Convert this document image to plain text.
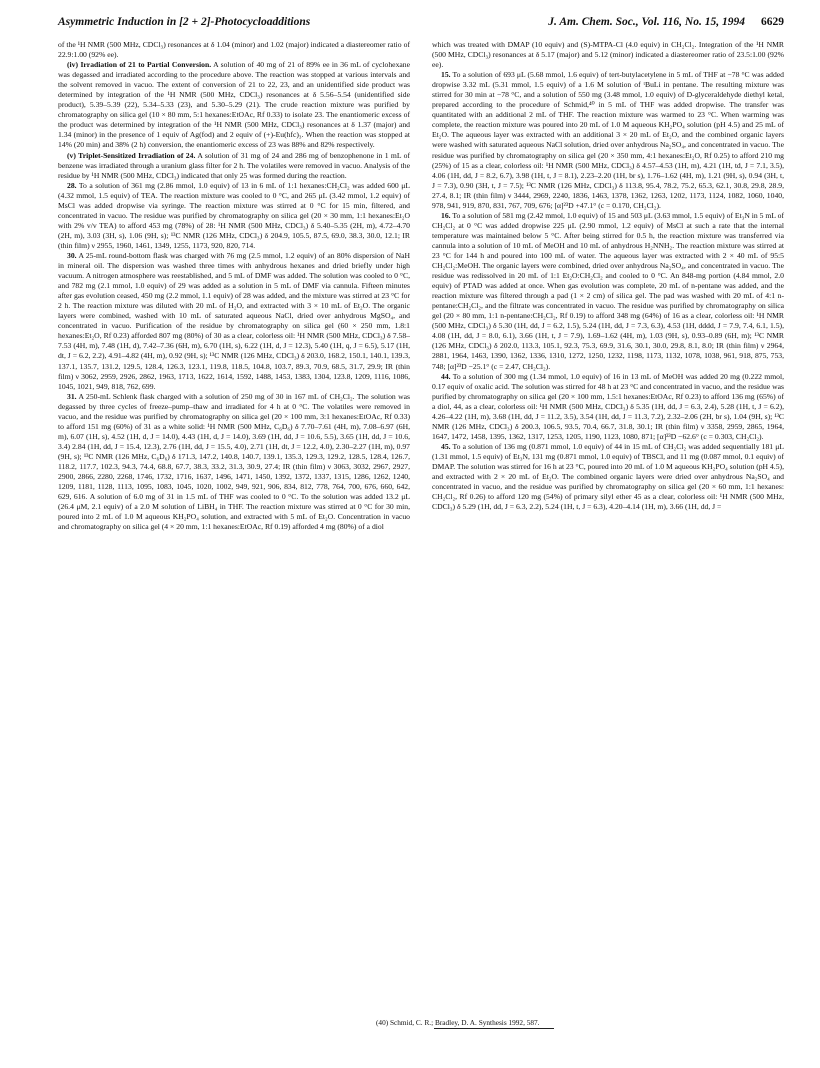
Asymmetric Induction in [2 + 2]-Photocycloadditions	J. Am. Chem. Soc., Vol. 116, No. 15, 1994 6629

of the ¹H NMR (500 MHz, CDCl₃) resonances at δ 1.04 (minor) and 1.02 (major) indicated a diastereomer ratio of 22.9:1.00 (92% ee).

(iv) Irradiation of 21 to Partial Conversion. A solution of 40 mg of 21 of 89% ee in 36 mL of cyclohexane was degassed and irradiated according to the procedure above. The reaction was stopped at various intervals and the solvent removed in vacuo. The extent of conversion of 21 to 22, 23, and an unidentified side product was determined by integration of the ¹H NMR (500 MHz, CDCl₃) resonances at δ 5.56–5.54 (unidentified side product), 5.39–5.39 (22), 5.34–5.33 (23), and 5.30–5.29 (21). The crude reaction mixture was purified by chromatography on silica gel (10 × 80 mm, 5:1 hexanes:EtOAc, Rf 0.33) to isolate 23. The enantiomeric excess of the product was determined by integration of the ¹H NMR (500 MHz, CDCl₃) resonances at δ 1.37 (major) and 1.34 (minor) in the presence of 1 equiv of Ag(fod) and 2 equiv of (+)-Eu(hfc)₃. When the reaction was stopped at 14% (20 min) and 38% (2 h) conversion, the enantiomeric excess of 23 was 88% and 82% respectively.

(v) Triplet-Sensitized Irradiation of 24. A solution of 31 mg of 24 and 286 mg of benzophenone in 1 mL of benzene was irradiated through a uranium glass filter for 2 h. The volatiles were removed in vacuo. Analysis of the residue by ¹H NMR (500 MHz, CDCl₃) indicated that only 25 was formed during the reaction.

28. To a solution of 361 mg (2.86 mmol, 1.0 equiv) of 13 in 6 mL of 1:1 hexanes:CH₂Cl₂ was added 600 μL (4.32 mmol, 1.5 equiv) of TEA. The reaction mixture was cooled to 0 °C, and 265 μL (3.42 mmol, 1.2 equiv) of MsCl was added dropwise via syringe. The reaction mixture was stirred at 0 °C for 15 min, filtered, and concentrated in vacuo. The residue was purified by chromatography on silica gel (20 × 30 mm, 1:1 hexanes:Et₂O with 2% v/v TEA) to afford 453 mg (78%) of 28: ¹H NMR (500 MHz, CDCl₃) δ 5.40–5.35 (2H, m), 4.72–4.70 (2H, m), 3.03 (3H, s), 1.06 (9H, s); ¹³C NMR (126 MHz, CDCl₃) δ 204.9, 105.5, 87.5, 69.0, 38.3, 30.0, 12.1; IR (thin film) ν 2955, 1960, 1461, 1349, 1255, 1173, 920, 820, 714.

30. A 25-mL round-bottom flask was charged with 76 mg (2.5 mmol, 1.2 equiv) of an 80% dispersion of NaH in mineral oil. The dispersion was washed three times with anhydrous hexanes and dried briefly under high vacuum. A nitrogen atmosphere was reestablished, and 5 mL of DMF was added. The solution was cooled to 0 °C, and 782 mg (2.1 mmol, 1.0 equiv) of 29 was added as a solution in 5 mL of DMF via cannula. Fifteen minutes after gas evolution ceased, 450 mg (2.2 mmol, 1.1 equiv) of 28 was added, and the mixture was stirred at 23 °C for 2 h. The reaction mixture was diluted with 20 mL of H₂O, and extracted with 3 × 10 mL of Et₂O. The organic layers were combined, washed with 10 mL of saturated aqueous NaCl, dried over anhydrous MgSO₄, and concentrated in vacuo. Purification of the residue by chromatography on silica gel (60 × 250 mm, 1.8:1 hexanes:Et₂O, Rf 0.23) afforded 807 mg (80%) of 30 as a clear, colorless oil: ¹H NMR (500 MHz, CDCl₃) δ 7.58–7.53 (4H, m), 7.48 (1H, d), 7.42–7.36 (6H, m), 6.70 (1H, s), 6.22 (1H, d, J = 12.3), 5.40 (1H, q, J = 6.5), 5.17 (1H, dt, J = 6.2, 2.2), 4.91–4.82 (4H, m), 0.92 (9H, s); ¹³C NMR (126 MHz, CDCl₃) δ 203.0, 168.2, 150.1, 140.1, 139.3, 137.1, 135.7, 131.2, 129.5, 128.4, 126.3, 123.1, 119.8, 118.5, 104.8, 103.7, 89.3, 70.9, 68.5, 31.7, 29.9; IR (thin film) ν 3062, 2959, 2926, 2862, 1963, 1713, 1622, 1614, 1592, 1488, 1453, 1383, 1304, 123.8, 1209, 1116, 1086, 1045, 1021, 949, 818, 762, 699.

31. A 250-mL Schlenk flask charged with a solution of 250 mg of 30 in 167 mL of CH₂Cl₂. The solution was degassed by three cycles of freeze–pump–thaw and irradiated for 4 h at 0 °C. The volatiles were removed in vacuo, and the residue was purified by chromatography on silica gel (20 × 100 mm, 3:1 hexanes:EtOAc, Rf 0.33) to afford 151 mg (60%) of 31 as a white solid: ¹H NMR (500 MHz, C₆D₆) δ 7.70–7.61 (4H, m), 7.08–6.97 (6H, m), 6.07 (1H, s), 4.52 (1H, d, J = 14.0), 4.43 (1H, d, J = 14.0), 3.69 (1H, dd, J = 10.6, 5.5), 3.65 (1H, dd, J = 10.6, 3.4) 2.84 (1H, dd, J = 15.4, 12.3), 2.76 (1H, dd, J = 15.5, 4.0), 2.71 (1H, dt, J = 12.2, 4.0), 2.30–2.27 (1H, m), 0.97 (9H, s); ¹³C NMR (126 MHz, C₆D₆) δ 171.3, 147.2, 140.8, 140.7, 139.1, 135.3, 129.3, 129.2, 128.5, 128.4, 126.7, 118.2, 117.7, 102.3, 94.3, 74.4, 68.8, 67.7, 38.3, 33.2, 31.3, 30.9, 27.4; IR (thin film) ν 3063, 3032, 2967, 2927, 2900, 2866, 2280, 2268, 1746, 1732, 1716, 1637, 1496, 1471, 1450, 1392, 1372, 1337, 1315, 1286, 1262, 1240, 1209, 1181, 1128, 1113, 1095, 1083, 1045, 1020, 1002, 949, 921, 906, 834, 812, 778, 764, 700, 676, 660, 642, 629, 616. A solution of 6.0 mg of 31 in 1.5 mL of THF was cooled to 0 °C. To the solution was added 13.2 μL (26.4 μM, 2.1 equiv) of a 2.0 M solution of LiBH₄ in THF. The reaction mixture was stirred at 0 °C for 30 min, poured into 2 mL of 1.0 M aqueous KH₂PO₄ solution, and extracted with 5 mL of Et₂O. Concentration in vacuo and chromatography on silica gel (4 × 20 mm, 1:1 hexanes:EtOAc, Rf 0.19) afforded 4 mg (80%) of a diol

which was treated with DMAP (10 equiv) and (S)-MTPA-Cl (4.0 equiv) in CH₂Cl₂. Integration of the ¹H NMR (500 MHz, CDCl₃) resonances at δ 5.17 (major) and 5.12 (minor) indicated a diastereomer ratio of 23.5:1.00 (92% ee).

15. To a solution of 693 μL (5.68 mmol, 1.6 equiv) of tert-butylacetylene in 5 mL of THF at −78 °C was added dropwise 3.32 mL (5.31 mmol, 1.5 equiv) of a 1.6 M solution of ᵗBuLi in pentane. The resulting mixture was stirred for 30 min at −78 °C, and a solution of 550 mg (3.48 mmol, 1.0 equiv) of D-glyceraldehyde diethyl ketal, prepared according to the procedure of Schmid,⁴⁰ in 5 mL of THF was added dropwise. The transfer was quantitated with an additional 2 mL of THF. The reaction mixture was warmed to 23 °C. When warming was complete, the reaction mixture was poured into 20 mL of 1.0 M aqueous KH₂PO₄ solution (pH 4.5) and 25 mL of Et₂O. The aqueous layer was extracted with an additional 3 × 20 mL of Et₂O, and the combined organic layers were washed with saturated aqueous NaCl solution, dried over anhydrous Na₂SO₄, and concentrated in vacuo. The residue was purified by chromatography on silica gel (20 × 350 mm, 4:1 hexanes:Et₂O, Rf 0.25) to afford 210 mg (25%) of 15 as a clear, colorless oil: ¹H NMR (500 MHz, CDCl₃) δ 4.57–4.53 (1H, m), 4.21 (1H, td, J = 7.1, 3.5), 4.06 (1H, dd, J = 8.2, 6.7), 3.98 (1H, t, J = 8.1), 2.23–2.20 (1H, br s), 1.76–1.62 (4H, m), 1.21 (9H, s), 0.94 (3H, t, J = 7.3), 0.90 (3H, t, J = 7.5); ¹³C NMR (126 MHz, CDCl₃) δ 113.8, 95.4, 78.2, 75.2, 65.3, 62.1, 30.8, 29.8, 28.9, 27.4, 8.1; IR (thin film) ν 3444, 2969, 2240, 1836, 1463, 1378, 1362, 1263, 1202, 1173, 1124, 1082, 1060, 1040, 978, 941, 919, 870, 831, 767, 709, 676; [α]²³D +47.1° (c = 0.170, CH₂Cl₂).

16. To a solution of 581 mg (2.42 mmol, 1.0 equiv) of 15 and 503 μL (3.63 mmol, 1.5 equiv) of Et₃N in 5 mL of CH₂Cl₂ at 0 °C was added dropwise 225 μL (2.90 mmol, 1.2 equiv) of MsCl at such a rate that the internal temperature was maintained below 5 °C. After being stirred for 0.5 h, the reaction mixture was transferred via cannula into a solution of 10 mL of MeOH and 10 mL of anhydrous H₂NNH₂. The reaction mixture was stirred at 23 °C for 144 h and poured into 100 mL of water. The aqueous layer was extracted with 2 × 40 mL of 95:5 CH₂Cl₂:MeOH. The organic layers were combined, dried over anhydrous Na₂SO₄, and concentrated in vacuo. The residue was redissolved in 20 mL of 1:1 Et₂O:CH₂Cl₂ and cooled to 0 °C. An 848-mg portion (4.84 mmol, 2.0 equiv) of PTAD was added at once. When gas evolution was complete, 20 mL of n-pentane was added, and the reaction mixture was filtered through a pad (1 × 2 cm) of silica gel. The pad was washed with 20 mL of 4:1 n-pentane:CH₂Cl₂, and the filtrate was concentrated in vacuo. The residue was purified by chromatography on silica gel (20 × 80 mm, 1:1 n-pentane:CH₂Cl₂, Rf 0.19) to afford 348 mg (64%) of 16 as a clear, colorless oil: ¹H NMR (500 MHz, CDCl₃) δ 5.30 (1H, dd, J = 6.2, 1.5), 5.24 (1H, dd, J = 7.3, 6.3), 4.53 (1H, dddd, J = 7.9, 7.4, 6.1, 1.5), 4.08 (1H, dd, J = 8.0, 6.1), 3.66 (1H, t, J = 7.9), 1.69–1.62 (4H, m), 1.03 (9H, s), 0.93–0.89 (6H, m); ¹³C NMR (126 MHz, CDCl₃) δ 202.0, 113.3, 105.1, 92.3, 75.3, 69.9, 31.6, 30.1, 30.0, 29.8, 8.1, 8.0; IR (thin film) ν 2964, 2881, 1964, 1463, 1390, 1362, 1336, 1310, 1272, 1250, 1232, 1198, 1173, 1132, 1078, 1038, 961, 918, 875, 753, 748; [α]²³D −25.1° (c = 2.47, CH₂Cl₂).

44. To a solution of 300 mg (1.34 mmol, 1.0 equiv) of 16 in 13 mL of MeOH was added 20 mg (0.222 mmol, 0.17 equiv of oxalic acid. The solution was stirred for 48 h at 23 °C and concentrated in vacuo, and the residue was purified by chromatography on silica gel (20 × 100 mm, 1.5:1 hexanes:EtOAc, Rf 0.23) to afford 136 mg (65%) of a diol, 44, as a clear, colorless oil: ¹H NMR (500 MHz, CDCl₃) δ 5.35 (1H, dd, J = 6.3, 2.4), 5.28 (1H, t, J = 6.2), 4.26–4.22 (1H, m), 3.68 (1H, dd, J = 11.2, 3.5), 3.54 (1H, dd, J = 11.3, 7.2), 2.32–2.06 (2H, br s), 1.04 (9H, s); ¹³C NMR (126 MHz, CDCl₃) δ 200.3, 106.5, 93.5, 70.4, 66.7, 31.8, 30.1; IR (thin film) ν 3358, 2959, 2865, 1964, 1647, 1472, 1458, 1395, 1362, 1317, 1253, 1205, 1190, 1123, 1080, 871; [α]²³D −62.6° (c = 0.303, CH₂Cl₂).

45. To a solution of 136 mg (0.871 mmol, 1.0 equiv) of 44 in 15 mL of CH₂Cl₂ was added sequentially 181 μL (1.31 mmol, 1.5 equiv) of Et₃N, 131 mg (0.871 mmol, 1.0 equiv) of TBSCl, and 11 mg (0.087 mmol, 0.1 equiv) of DMAP. The solution was stirred for 16 h at 23 °C, poured into 20 mL of 1.0 M aqueous KH₂PO₄ solution (pH 4.5), and extracted with 2 × 20 mL of Et₂O. The combined organic layers were dried over anhydrous Na₂SO₄ and concentrated in vacuo, and the residue was purified by chromatography on silica gel (20 × 60 mm, 1:1 hexanes: CH₂Cl₂, Rf 0.26) to afford 120 mg (54%) of primary silyl ether 45 as a clear, colorless oil: ¹H NMR (500 MHz, CDCl₃) δ 5.29 (1H, dd, J = 6.3, 2.2), 5.24 (1H, t, J = 6.3), 4.20–4.14 (1H, m), 3.66 (1H, dd, J =

(40) Schmid, C. R.; Bradley, D. A. Synthesis 1992, 587.
